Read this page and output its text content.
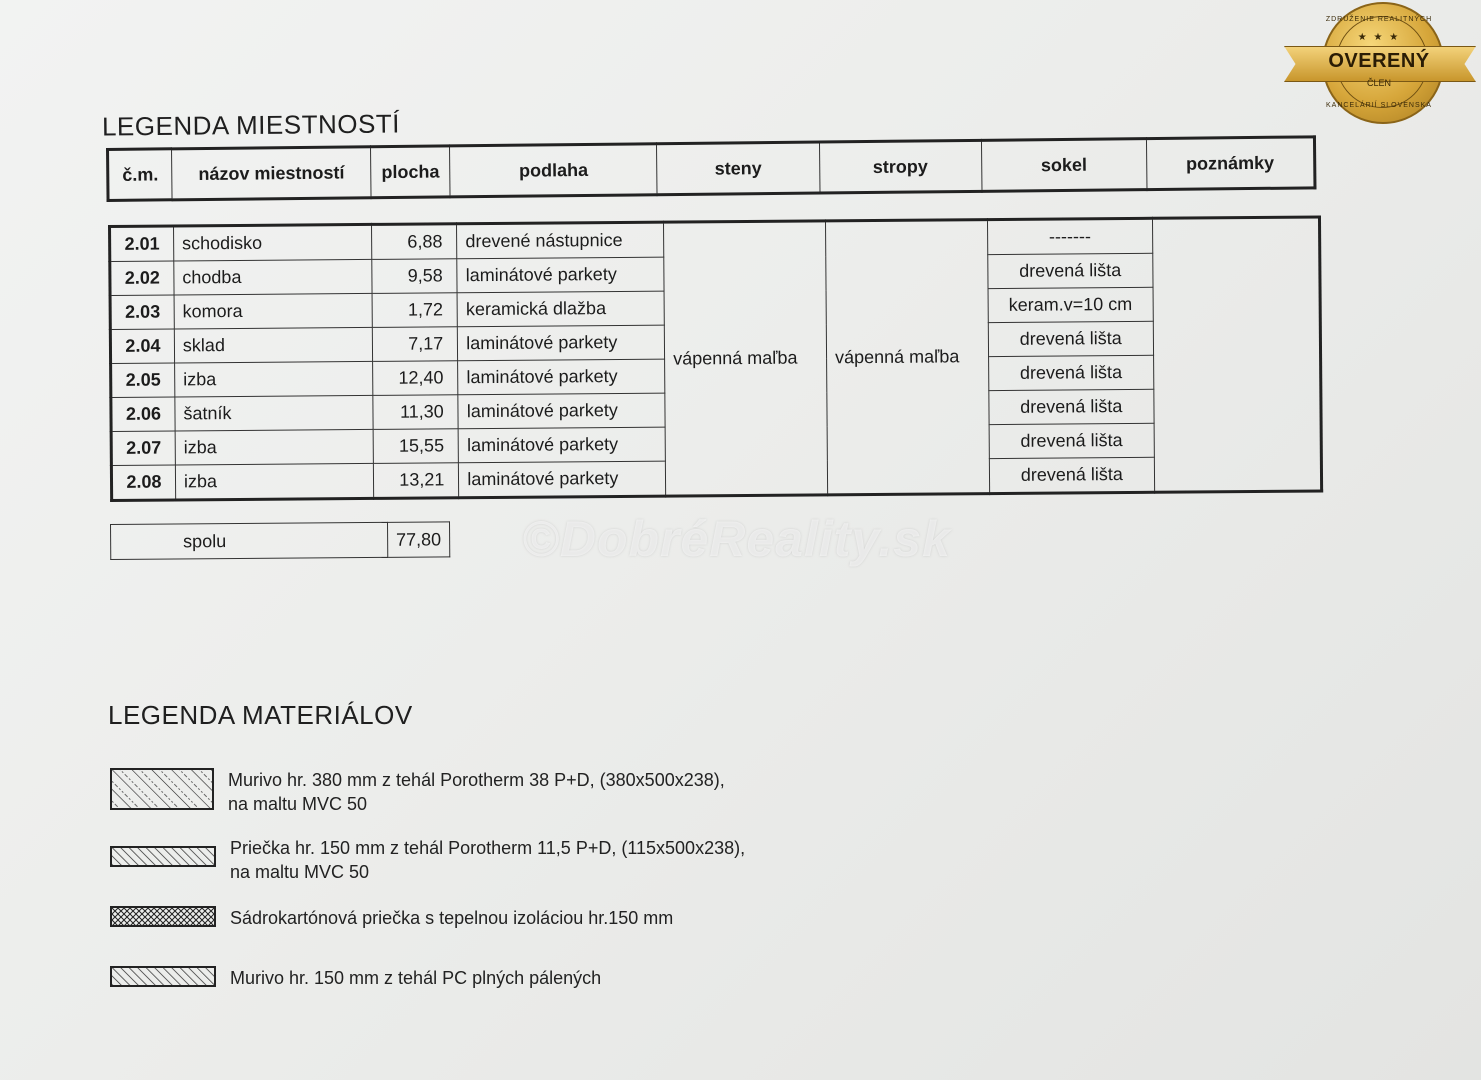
LEGENDA MIESTNOSTÍ
č.m.	názov miestností	plocha	podlaha	steny	stropy	sokel	poznámky
2.01	schodisko	6,88	drevené nástupnice	vápenná maľba	vápenná maľba	-------	
2.02	chodba	9,58	laminátové parkety			drevená lišta	
2.03	komora	1,72	keramická dlažba			keram.v=10 cm	
2.04	sklad	7,17	laminátové parkety			drevená lišta	
2.05	izba	12,40	laminátové parkety			drevená lišta	
2.06	šatník	11,30	laminátové parkety			drevená lišta	
2.07	izba	15,55	laminátové parkety			drevená lišta	
2.08	izba	13,21	laminátové parkety			drevená lišta	
spolu	77,80 ©DobréReality.sk
LEGENDA MATERIÁLOV
Murivo hr. 380 mm z tehál Porotherm 38 P+D, (380x500x238),
na maltu MVC 50
Priečka hr. 150 mm z tehál Porotherm 11,5 P+D, (115x500x238),
na maltu MVC 50
Sádrokartónová priečka s tepelnou izoláciou hr.150 mm
Murivo hr. 150 mm z tehál PC plných pálených
ZDRUŽENIE REALITNÝCH
★ ★ ★
OVERENÝ
ČLEN
KANCELÁRIÍ SLOVENSKA
